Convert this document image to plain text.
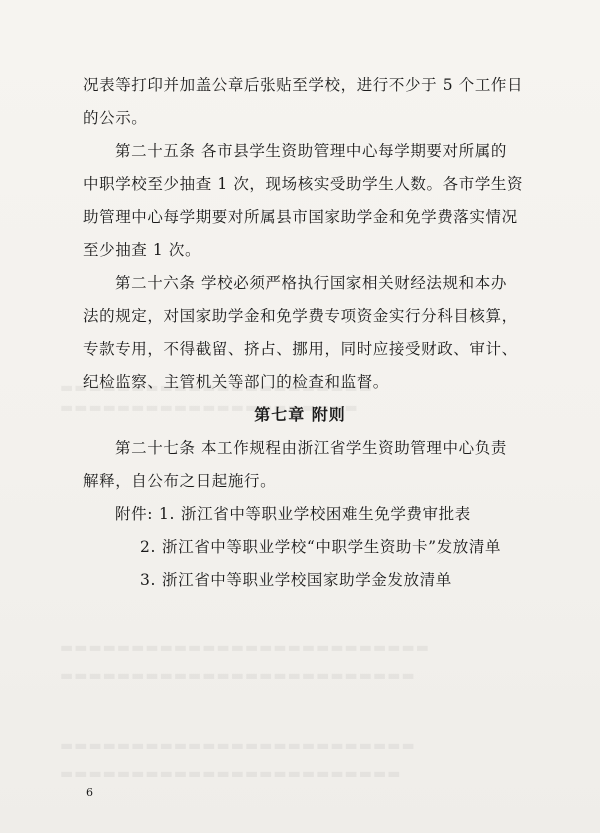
况表等打印并加盖公章后张贴至学校，进行不少于 5 个工作日
的公示。
第二十五条 各市县学生资助管理中心每学期要对所属的
中职学校至少抽查 1 次，现场核实受助学生人数。各市学生资
助管理中心每学期要对所属县市国家助学金和免学费落实情况
至少抽查 1 次。
第二十六条 学校必须严格执行国家相关财经法规和本办
法的规定，对国家助学金和免学费专项资金实行分科目核算，
专款专用，不得截留、挤占、挪用，同时应接受财政、审计、
纪检监察、主管机关等部门的检查和监督。
第七章 附则
第二十七条 本工作规程由浙江省学生资助管理中心负责
解释，自公布之日起施行。
附件: 1. 浙江省中等职业学校困难生免学费审批表
2. 浙江省中等职业学校“中职学生资助卡”发放清单
3. 浙江省中等职业学校国家助学金发放清单
6
